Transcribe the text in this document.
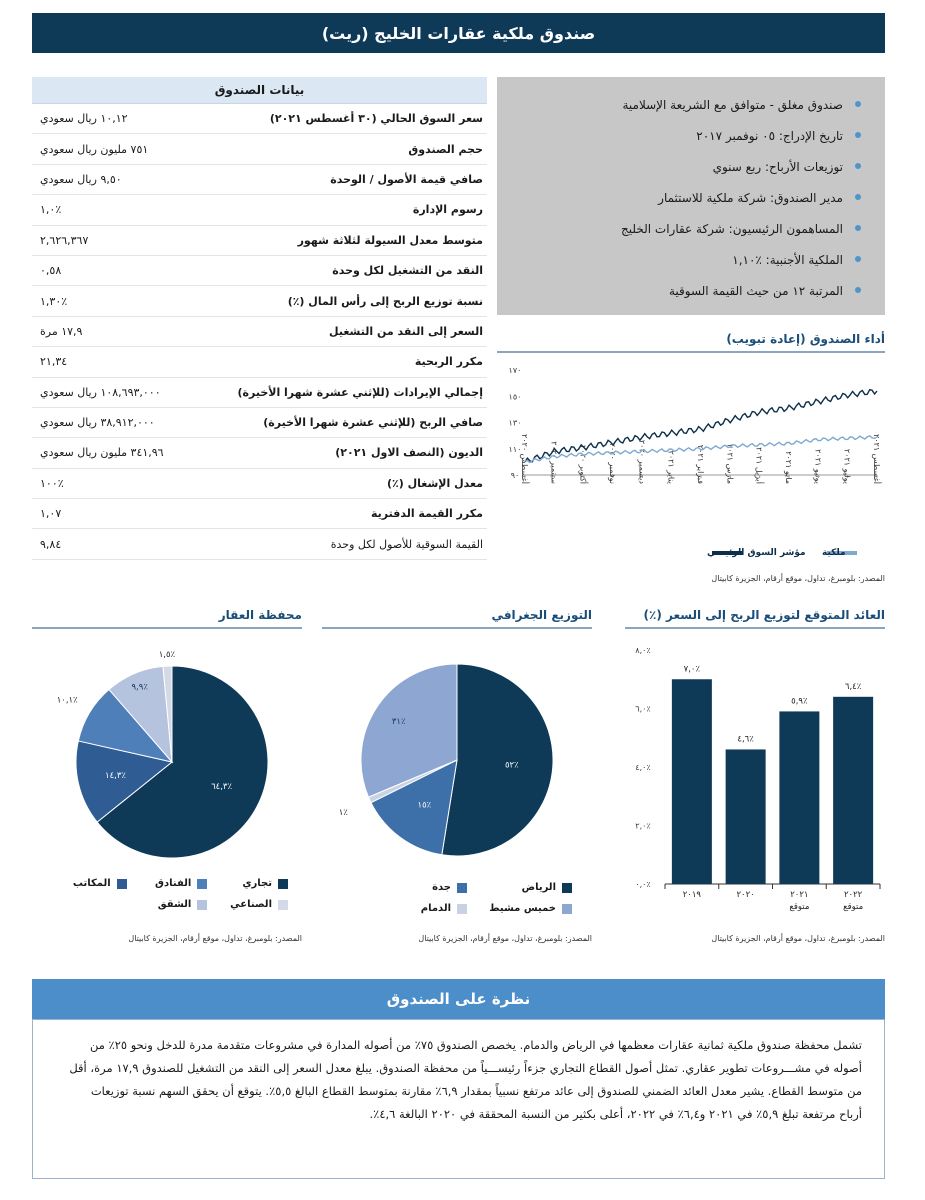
صندوق ملكية عقارات الخليج (ريت)
بيانات الصندوق
سعر السوق الحالي (٣٠ أغسطس ٢٠٢١)
١٠,١٢ ريال سعودي
حجم الصندوق
٧٥١ مليون ريال سعودي
صافي قيمة الأصول / الوحدة
٩,٥٠ ريال سعودي
رسوم الإدارة
٪١,٠
متوسط معدل السيولة لثلاثة شهور
٢,٦٢٦,٣٦٧
النقد من التشغيل لكل وحدة
٠,٥٨
نسبة توزيع الربح إلى رأس المال (٪)
٪١,٣٠
السعر إلى النقد من التشغيل
١٧,٩ مرة
مكرر الربحية
٢١,٣٤
إجمالي الإيرادات (للإثني عشرة شهرا الأخيرة)
١٠٨,٦٩٣,٠٠٠ ريال سعودي
صافي الربح (للإثني عشرة شهرا الأخيرة)
٣٨,٩١٢,٠٠٠ ريال سعودي
الديون (النصف الاول ٢٠٢١)
٣٤١,٩٦ مليون ريال سعودي
معدل الإشغال (٪)
٪١٠٠
مكرر القيمة الدفترية
١,٠٧
القيمة السوقية للأصول لكل وحدة
٩,٨٤
صندوق مغلق - متوافق مع الشريعة الإسلامية
تاريخ الإدراج: ٠٥ نوفمبر ٢٠١٧
توزيعات الأرباح: ربع سنوي
مدير الصندوق: شركة ملكية للاستثمار
المساهمون الرئيسيون: شركة عقارات الخليج
الملكية الأجنبية: ٪١,١٠
المرتبة ١٢ من حيث القيمة السوقية
أداء الصندوق (إعادة تبويب)
٩٠
١١٠
١٣٠
١٥٠
١٧٠
أغسطس ٢٠٢٠
سبتمبر ٢٠٢٠
أكتوبر ٢٠٢٠
نوفمبر ٢٠٢٠
ديسمبر ٢٠٢٠	يناير ٢٠٢١
فبراير ٢٠٢١
مارس ٢٠٢١
أبريل ٢٠٢١
مايو ٢٠٢١
يونيو ٢٠٢١
يوليو ٢٠٢١
أغسطس ٢٠٢١
مؤشر السوق الرئيسي ملكية
المصدر: بلومبرغ، تداول، موقع أرقام، الجزيرة كابيتال
العائد المتوقع لتوزيع الربح إلى السعر (٪)
٪٠,٠
٪٢,٠
٪٤,٠
٪٦,٠
٪٨,٠
٪٧,٠
٢٠١٩
٪٤,٦
٢٠٢٠
٪٥,٩
٢٠٢١ متوقع
٪٦,٤
٢٠٢٢ متوقع
المصدر: بلومبرغ، تداول، موقع أرقام، الجزيرة كابيتال
التوزيع الجغرافي
٪٥٢
٪١٥
٪١
٪٣١
الرياض
جدة
خميس مشيط
الدمام
المصدر: بلومبرغ، تداول، موقع أرقام، الجزيرة كابيتال
محفظة العقار
٪٦٤,٣
٪١٤,٣
٪١٠,١
٪٩,٩
٪١,٥
تجاري
الفنادق
المكاتب
الصناعي
الشقق
المصدر: بلومبرغ، تداول، موقع أرقام، الجزيرة كابيتال
نظرة على الصندوق
تشمل محفظة صندوق ملكية ثمانية عقارات معظمها في الرياض والدمام. يخصص الصندوق ٧٥٪ من أصوله المدارة في مشروعات متقدمة مدرة للدخل ونحو ٢٥٪ من
أصوله في مشـــروعات تطوير عقاري. تمثل أصول القطاع التجاري جزءاً رئيســـياً من محفظة الصندوق. يبلغ معدل السعر إلى النقد من التشغيل للصندوق ١٧,٩ مرة، أقل
من متوسط القطاع. يشير معدل العائد الضمني للصندوق إلى عائد مرتفع نسبياً بمقدار ٦,٩٪ مقارنة بمتوسط القطاع البالغ ٥,٥٪. يتوقع أن يحقق السهم نسبة توزيعات
أرباح مرتفعة تبلغ ٥,٩٪ في ٢٠٢١ و٦,٤٪ في ٢٠٢٢، أعلى بكثير من النسبة المحققة في ٢٠٢٠ البالغة ٤,٦٪.
